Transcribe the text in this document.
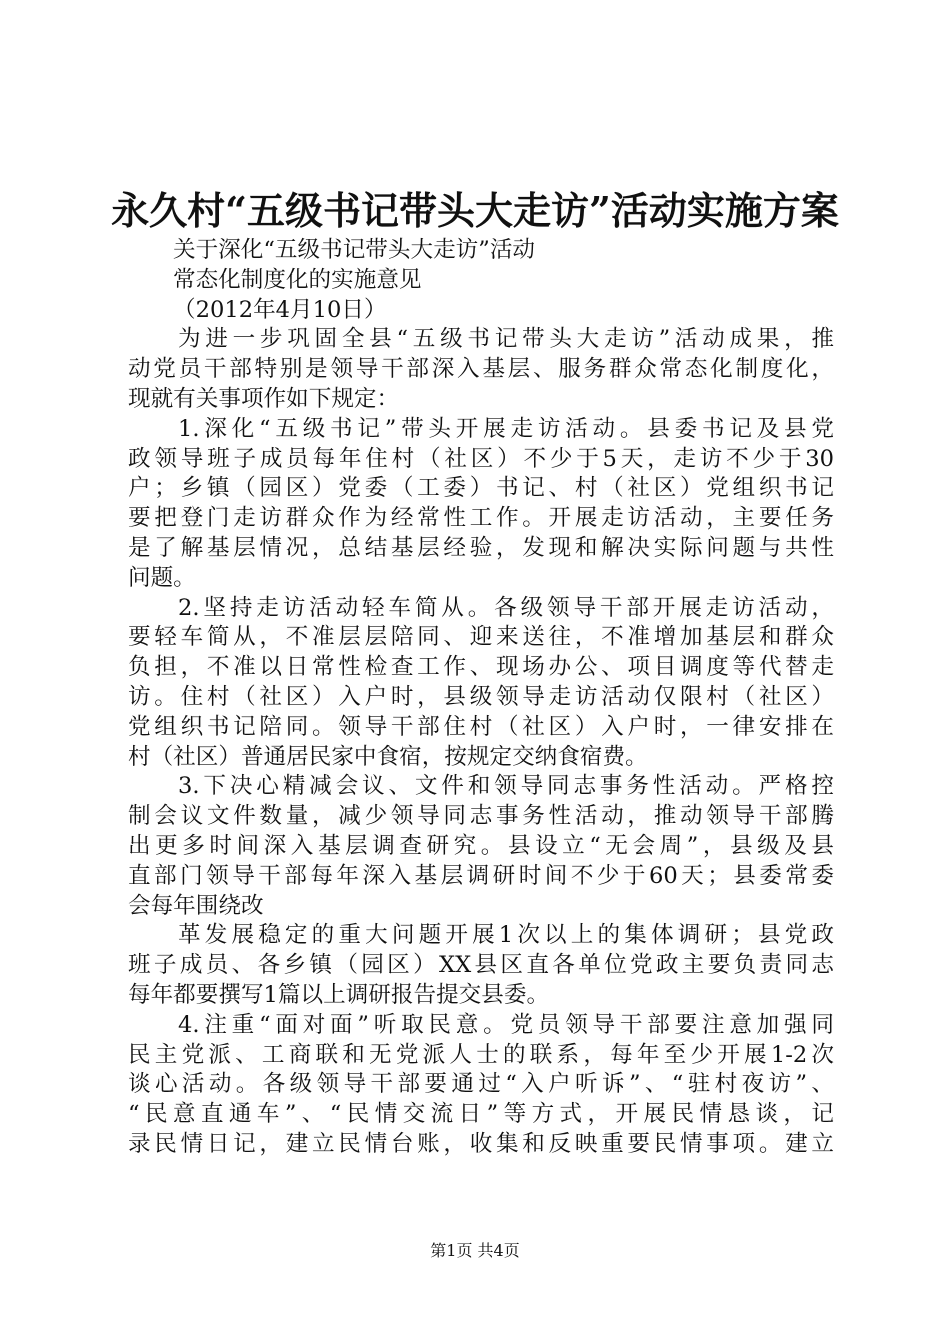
永久村“五级书记带头大走访”活动实施方案
关于深化“五级书记带头大走访”活动
常态化制度化的实施意见
（2012年4月10日）
为进一步巩固全县“五级书记带头大走访”活动成果，推
动党员干部特别是领导干部深入基层、服务群众常态化制度化，
现就有关事项作如下规定：
1.深化“五级书记”带头开展走访活动。县委书记及县党
政领导班子成员每年住村（社区）不少于5天，走访不少于30
户；乡镇（园区）党委（工委）书记、村（社区）党组织书记
要把登门走访群众作为经常性工作。开展走访活动，主要任务
是了解基层情况，总结基层经验，发现和解决实际问题与共性
问题。
2.坚持走访活动轻车简从。各级领导干部开展走访活动，
要轻车简从，不准层层陪同、迎来送往，不准增加基层和群众
负担，不准以日常性检查工作、现场办公、项目调度等代替走
访。住村（社区）入户时，县级领导走访活动仅限村（社区）
党组织书记陪同。领导干部住村（社区）入户时，一律安排在
村（社区）普通居民家中食宿，按规定交纳食宿费。
3.下决心精减会议、文件和领导同志事务性活动。严格控
制会议文件数量，减少领导同志事务性活动，推动领导干部腾
出更多时间深入基层调查研究。县设立“无会周”，县级及县
直部门领导干部每年深入基层调研时间不少于60天；县委常委
会每年围绕改
革发展稳定的重大问题开展1次以上的集体调研；县党政
班子成员、各乡镇（园区）XX县区直各单位党政主要负责同志
每年都要撰写1篇以上调研报告提交县委。
4.注重“面对面”听取民意。党员领导干部要注意加强同
民主党派、工商联和无党派人士的联系，每年至少开展1-2次
谈心活动。各级领导干部要通过“入户听诉”、“驻村夜访”、
“民意直通车”、“民情交流日”等方式，开展民情恳谈，记
录民情日记，建立民情台账，收集和反映重要民情事项。建立
第1页 共4页
